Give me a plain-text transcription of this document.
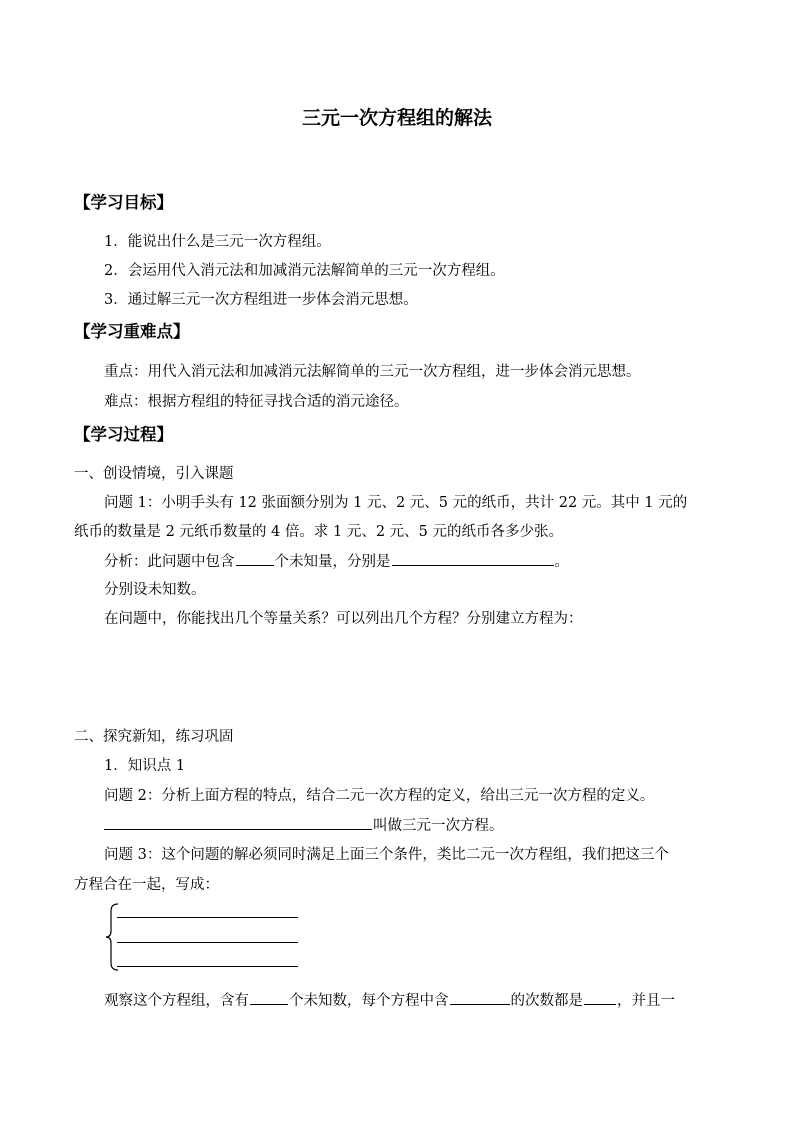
三元一次方程组的解法
【学习目标】
1．能说出什么是三元一次方程组。
2．会运用代入消元法和加减消元法解简单的三元一次方程组。
3．通过解三元一次方程组进一步体会消元思想。
【学习重难点】
重点：用代入消元法和加减消元法解简单的三元一次方程组，进一步体会消元思想。
难点：根据方程组的特征寻找合适的消元途径。
【学习过程】
一、创设情境，引入课题
问题 1：小明手头有 12 张面额分别为 1 元、2 元、5 元的纸币，共计 22 元。其中 1 元的
纸币的数量是 2 元纸币数量的 4 倍。求 1 元、2 元、5 元的纸币各多少张。
分析：此问题中包含	个未知量，分别是	。
分别设未知数。
在问题中，你能找出几个等量关系？可以列出几个方程？分别建立方程为：
二、探究新知，练习巩固
1．知识点 1
问题 2：分析上面方程的特点，结合二元一次方程的定义，给出三元一次方程的定义。
叫做三元一次方程。
问题 3：这个问题的解必须同时满足上面三个条件，类比二元一次方程组，我们把这三个
方程合在一起，写成：
观察这个方程组，含有	个未知数，每个方程中含	的次数都是 ，并且一
